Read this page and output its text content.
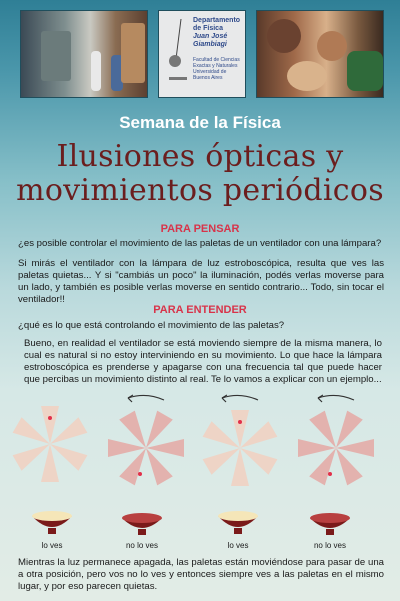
Departamento de Física
Juan José Giambiagi
Facultad de Ciencias Exactas y Naturales Universidad de Buenos Aires
Semana de la Física
Ilusiones ópticas y
movimientos periódicos
PARA PENSAR
¿es posible controlar el movimiento de las paletas de un ventilador con una lámpara?
Si mirás el ventilador con la lámpara de luz estroboscópica, resulta que ves las paletas quietas... Y si "cambiás un poco" la iluminación, podés verlas moverse para un lado, y también es posible verlas moverse en sentido contrario... Todo, sin tocar el ventilador!!
PARA ENTENDER
¿qué es lo que está controlando el movimiento de las paletas?
Bueno, en realidad el ventilador se está moviendo siempre de la misma manera, lo cual es natural si no estoy interviniendo en su movimiento. Lo que hace la lámpara estroboscópica es prenderse y apagarse con una frecuencia tal que puede hacer que percibas un movimiento distinto al real. Te lo vamos a explicar con un ejemplo...
lo ves	no lo ves	lo ves	no lo ves
Mientras la luz permanece apagada, las paletas están moviéndose para pasar de una a otra posición, pero vos no lo ves y entonces siempre ves a las paletas en el mismo lugar, y por eso parecen quietas.
